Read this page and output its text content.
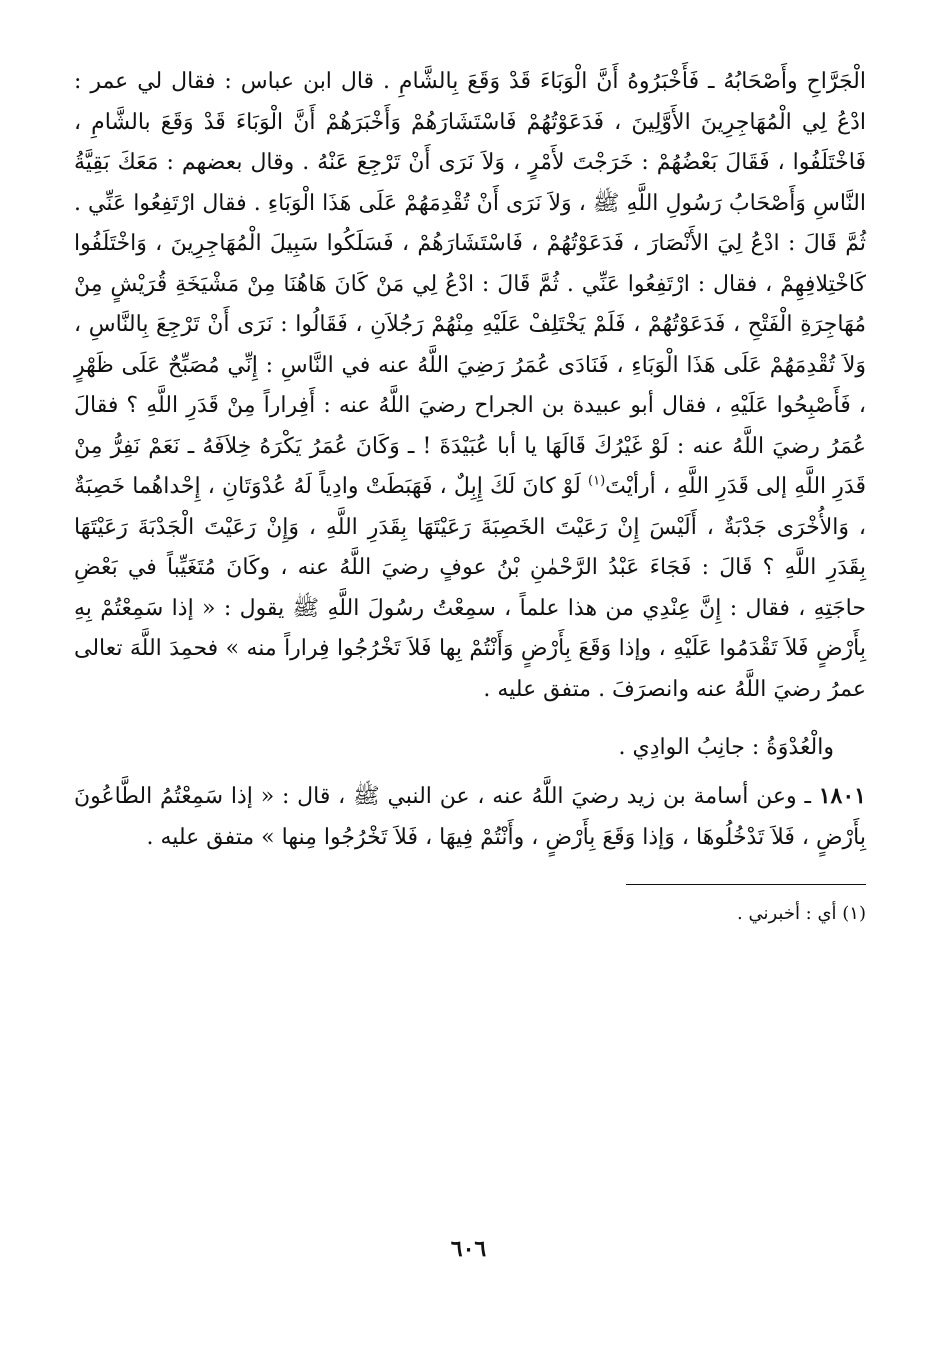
الْجَرَّاحِ وأَصْحَابُهُ ـ فَأَخْبَرُوهُ أَنَّ الْوَبَاءَ قَدْ وَقَعَ بِالشَّامِ . قال ابن عباس : فقال لي عمر : ادْعُ لِي الْمُهَاجِرِينَ الأَوَّلِينَ ، فَدَعَوْتُهُمْ فَاسْتَشَارَهُمْ وَأَخْبَرَهُمْ أَنَّ الْوَبَاءَ قَدْ وَقَعَ بالشَّامِ ، فَاخْتَلَفُوا ، فَقَالَ بَعْضُهُمْ : خَرَجْتَ لأَمْرٍ ، وَلاَ نَرَى أَنْ تَرْجِعَ عَنْهُ . وقال بعضهم : مَعَكَ بَقِيَّةُ النَّاسِ وَأَصْحَابُ رَسُولِ اللَّهِ ﷺ ، وَلاَ نَرَى أَنْ تُقْدِمَهُمْ عَلَى هَذَا الْوَبَاءِ . فقال ارْتَفِعُوا عَنِّي . ثُمَّ قَالَ : ادْعُ لِيَ الأَنْصَارَ ، فَدَعَوْتُهُمْ ، فَاسْتَشَارَهُمْ ، فَسَلَكُوا سَبِيلَ الْمُهَاجِرِينَ ، وَاخْتَلَفُوا كَاخْتِلافِهِمْ ، فقال : ارْتَفِعُوا عَنِّي . ثُمَّ قَالَ : ادْعُ لِي مَنْ كَانَ هَاهُنَا مِنْ مَشْيَخَةِ قُرَيْشٍ مِنْ مُهَاجِرَةِ الْفَتْحِ ، فَدَعَوْتُهُمْ ، فَلَمْ يَخْتَلِفْ عَلَيْهِ مِنْهُمْ رَجُلاَنِ ، فَقَالُوا : نَرَى أَنْ تَرْجِعَ بِالنَّاسِ ، وَلاَ تُقْدِمَهُمْ عَلَى هَذَا الْوَبَاءِ ، فَنَادَى عُمَرُ رَضِيَ اللَّهُ عنه في النَّاسِ : إِنِّي مُصَبِّحٌ عَلَى ظَهْرٍ ، فَأَصْبِحُوا عَلَيْهِ ، فقال أبو عبيدة بن الجراح رضيَ اللَّهُ عنه : أَفِراراً مِنْ قَدَرِ اللَّهِ ؟ فقالَ عُمَرُ رضيَ اللَّهُ عنه : لَوْ غَيْرُكَ قَالَهَا يا أبا عُبَيْدَةَ ! ـ وَكَانَ عُمَرُ يَكْرَهُ خِلاَفَهُ ـ نَعَمْ نَفِرُّ مِنْ قَدَرِ اللَّهِ إلى قَدَرِ اللَّهِ ، أرأيْتَ$^{(١)}$ لَوْ كانَ لَكَ إِبِلٌ ، فَهَبَطَتْ وادِياً لَهُ عُدْوَتَانِ ، إِحْداهُما خَصِبَةٌ ، وَالأُخْرَى جَدْبَةٌ ، أَلَيْسَ إِنْ رَعَيْتَ الخَصِبَةَ رَعَيْتَهَا بِقَدَرِ اللَّهِ ، وَإِنْ رَعَيْتَ الْجَدْبَةَ رَعَيْتَهَا بِقَدَرِ اللَّهِ ؟ قَالَ : فَجَاءَ عَبْدُ الرَّحْمٰنِ بْنُ عوفٍ رضيَ اللَّهُ عنه ، وكَانَ مُتَغَيِّباً في بَعْضِ حاجَتِهِ ، فقال : إِنَّ عِنْدِي من هذا علماً ، سمِعْتُ رسُولَ اللَّهِ ﷺ يقول : « إذا سَمِعْتُمْ بِهِ بِأَرْضٍ فَلاَ تَقْدَمُوا عَلَيْهِ ، وإذا وَقَعَ بِأَرْضٍ وَأَنْتُمْ بِها فَلاَ تَخْرُجُوا فِراراً منه » فحمِدَ اللَّهَ تعالى عمرُ رضيَ اللَّهُ عنه وانصرَفَ . متفق عليه .

والْعُدْوَةُ : جانِبُ الوادِي .
١٨٠١ ـ وعن أسامة بن زيد رضيَ اللَّهُ عنه ، عن النبي ﷺ ، قال : « إذا سَمِعْتُمُ الطَّاعُونَ بِأَرْضٍ ، فَلاَ تَدْخُلُوهَا ، وَإذا وَقَعَ بِأَرْضٍ ، وأَنْتُمْ فِيهَا ، فَلاَ تَخْرُجُوا مِنها » متفق عليه .
(١) أي : أخبرني .
٦٠٦
